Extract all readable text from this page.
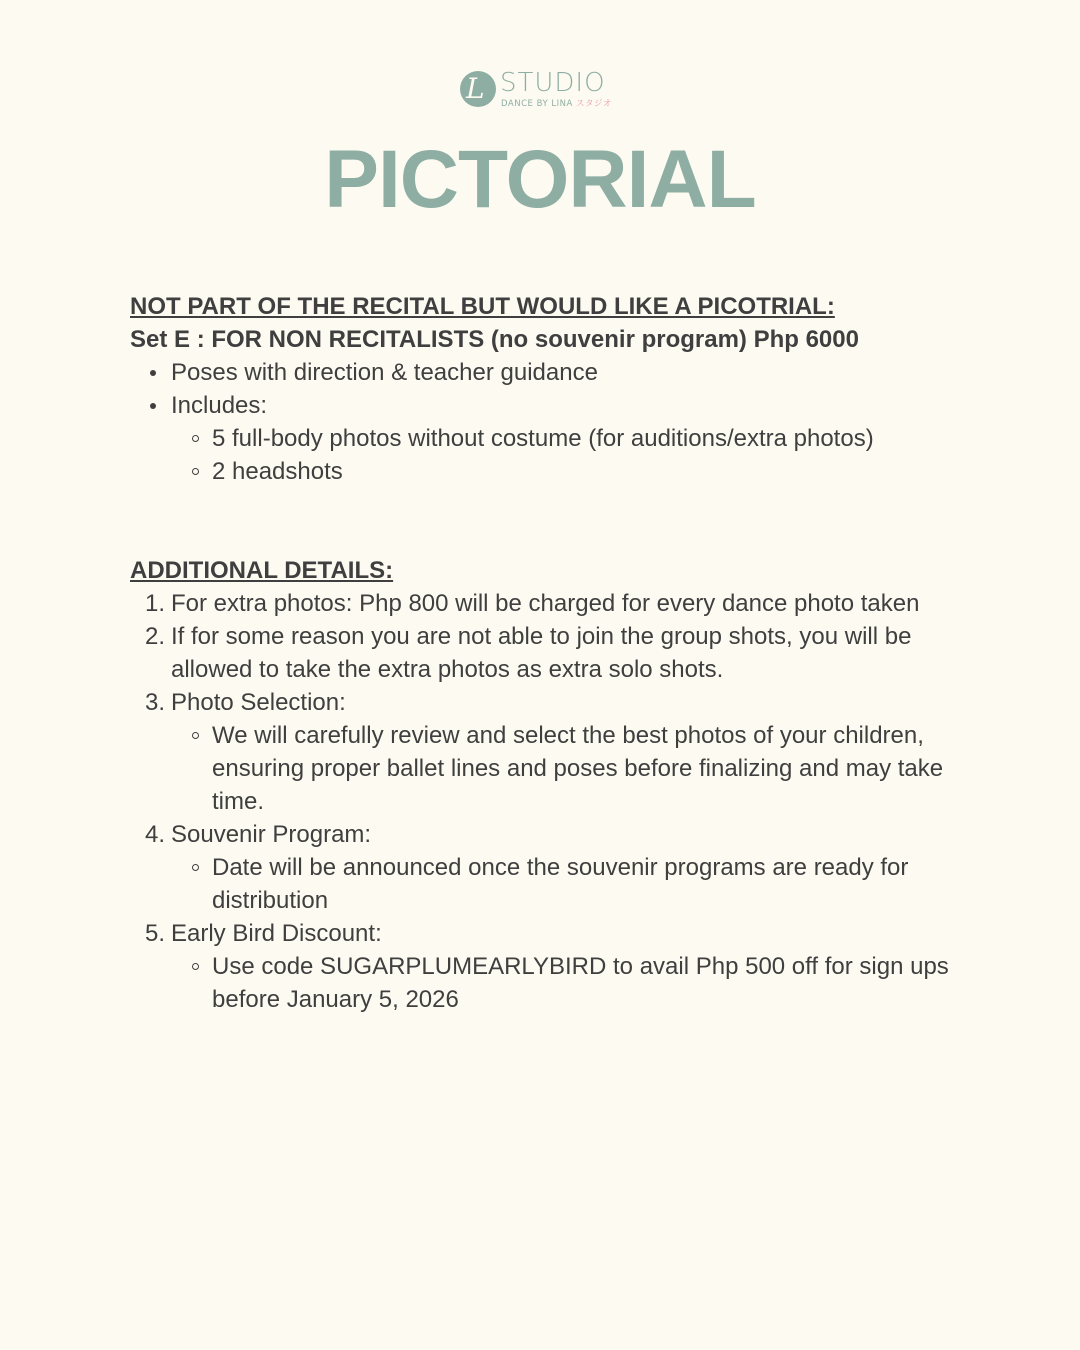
L STUDIO
DANCE BY LINA スタジオ
PICTORIAL

NOT PART OF THE RECITAL BUT WOULD LIKE A PICOTRIAL:

Set E : FOR NON RECITALISTS (no souvenir program) Php 6000

Poses with direction & teacher guidance
Includes:
5 full-body photos without costume (for auditions/extra photos)
2 headshots

ADDITIONAL DETAILS:

1. For extra photos: Php 800 will be charged for every dance photo taken
2. If for some reason you are not able to join the group shots, you will be allowed to take the extra photos as extra solo shots.
3. Photo Selection:
We will carefully review and select the best photos of your children, ensuring proper ballet lines and poses before finalizing and may take time.
4. Souvenir Program:
Date will be announced once the souvenir programs are ready for distribution
5. Early Bird Discount:
Use code SUGARPLUMEARLYBIRD to avail Php 500 off for sign ups before January 5, 2026
